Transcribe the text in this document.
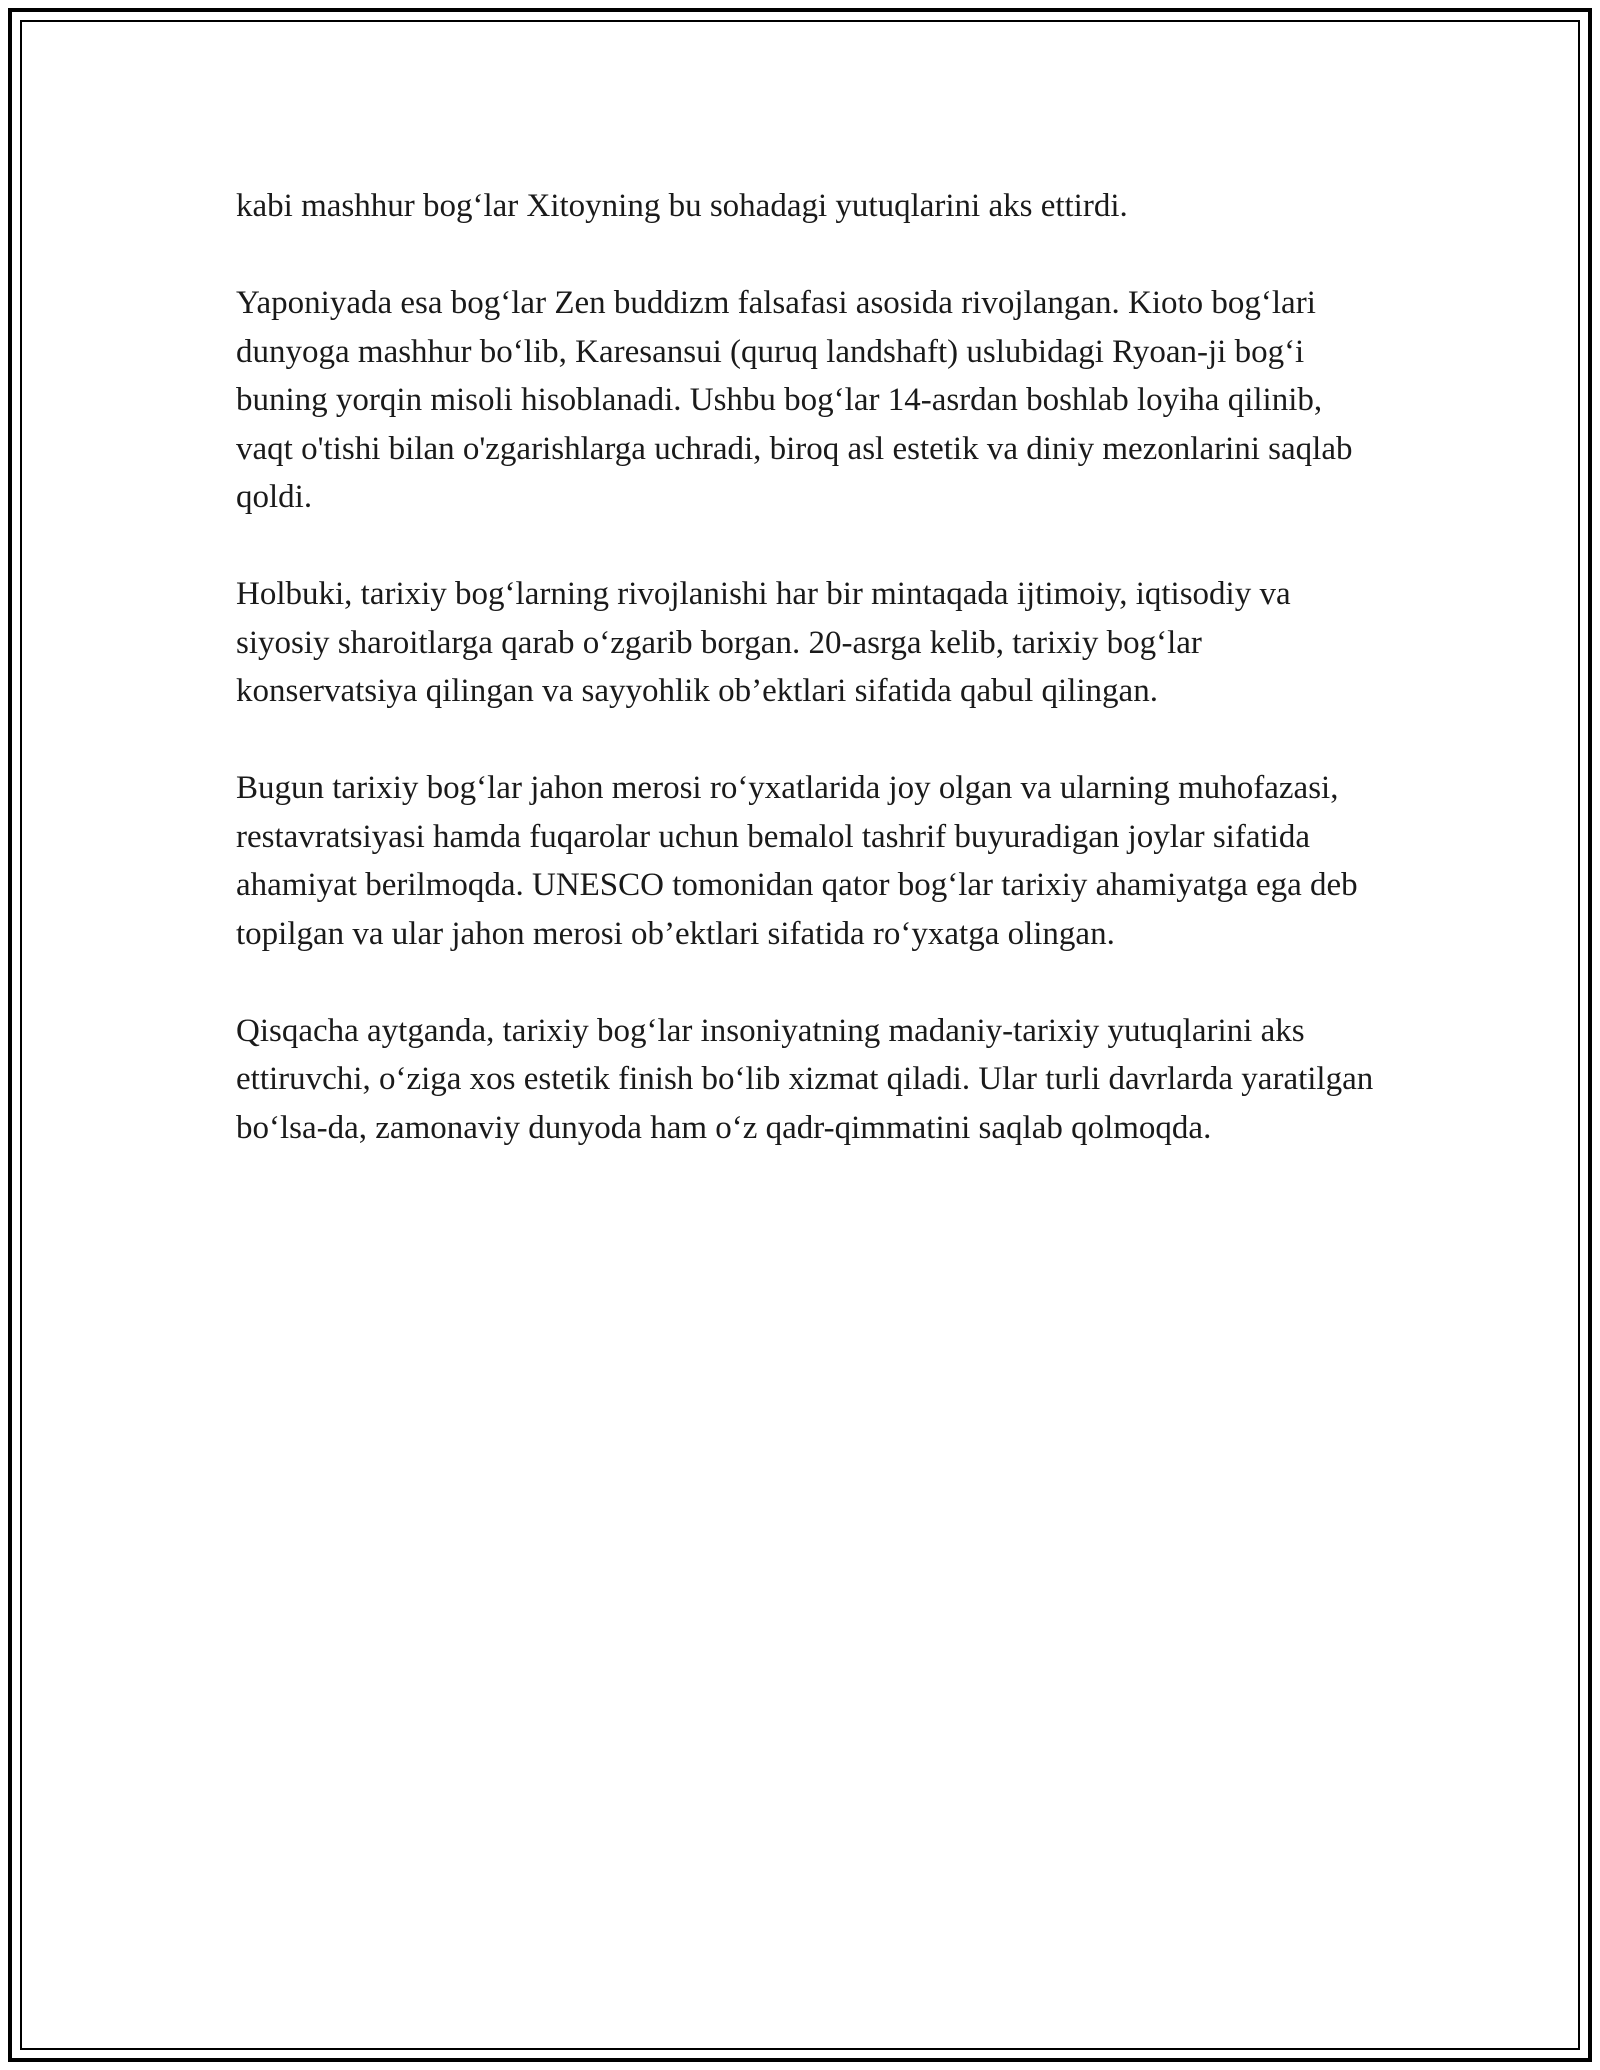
kabi mashhur bog‘lar Xitoyning bu sohadagi yutuqlarini aks ettirdi.

Yaponiyada esa bog‘lar Zen buddizm falsafasi asosida rivojlangan. Kioto bog‘lari dunyoga mashhur bo‘lib, Karesansui (quruq landshaft) uslubidagi Ryoan-ji bog‘i buning yorqin misoli hisoblanadi. Ushbu bog‘lar 14-asrdan boshlab loyiha qilinib, vaqt o'tishi bilan o'zgarishlarga uchradi, biroq asl estetik va diniy mezonlarini saqlab qoldi.

Holbuki, tarixiy bog‘larning rivojlanishi har bir mintaqada ijtimoiy, iqtisodiy va siyosiy sharoitlarga qarab o‘zgarib borgan. 20-asrga kelib, tarixiy bog‘lar konservatsiya qilingan va sayyohlik ob’ektlari sifatida qabul qilingan.

Bugun tarixiy bog‘lar jahon merosi ro‘yxatlarida joy olgan va ularning muhofazasi, restavratsiyasi hamda fuqarolar uchun bemalol tashrif buyuradigan joylar sifatida ahamiyat berilmoqda. UNESCO tomonidan qator bog‘lar tarixiy ahamiyatga ega deb topilgan va ular jahon merosi ob’ektlari sifatida ro‘yxatga olingan.

Qisqacha aytganda, tarixiy bog‘lar insoniyatning madaniy-tarixiy yutuqlarini aks ettiruvchi, o‘ziga xos estetik finish bo‘lib xizmat qiladi. Ular turli davrlarda yaratilgan bo‘lsa-da, zamonaviy dunyoda ham o‘z qadr-qimmatini saqlab qolmoqda.
